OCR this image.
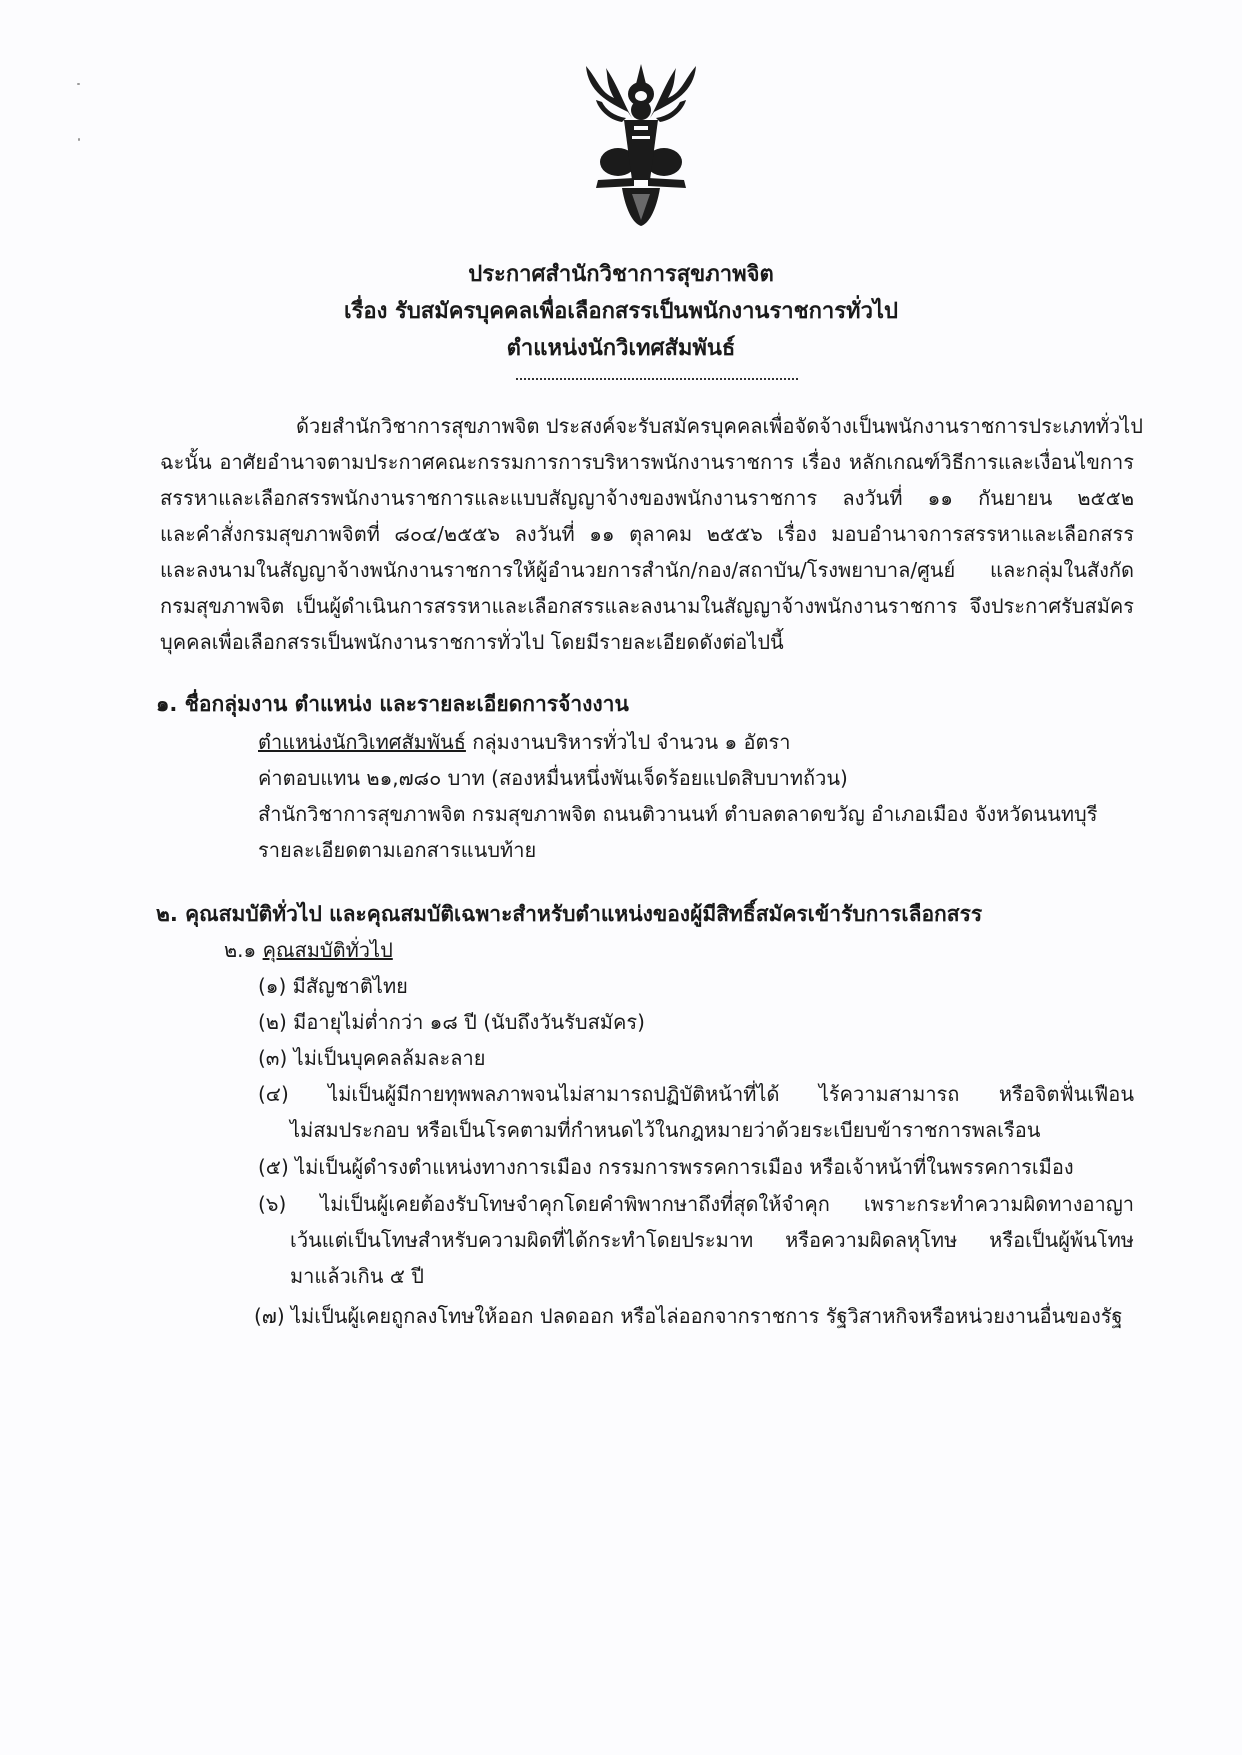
ประกาศสำนักวิชาการสุขภาพจิต
เรื่อง รับสมัครบุคคลเพื่อเลือกสรรเป็นพนักงานราชการทั่วไป
ตำแหน่งนักวิเทศสัมพันธ์
ด้วยสำนักวิชาการสุขภาพจิต ประสงค์จะรับสมัครบุคคลเพื่อจัดจ้างเป็นพนักงานราชการประเภททั่วไป
ฉะนั้น อาศัยอำนาจตามประกาศคณะกรรมการการบริหารพนักงานราชการ เรื่อง หลักเกณฑ์วิธีการและเงื่อนไขการ
สรรหาและเลือกสรรพนักงานราชการและแบบสัญญาจ้างของพนักงานราชการ ลงวันที่ ๑๑ กันยายน ๒๕๕๒
และคำสั่งกรมสุขภาพจิตที่ ๘๐๔/๒๕๕๖ ลงวันที่ ๑๑ ตุลาคม ๒๕๕๖ เรื่อง มอบอำนาจการสรรหาและเลือกสรร
และลงนามในสัญญาจ้างพนักงานราชการให้ผู้อำนวยการสำนัก/กอง/สถาบัน/โรงพยาบาล/ศูนย์ และกลุ่มในสังกัด
กรมสุขภาพจิต เป็นผู้ดำเนินการสรรหาและเลือกสรรและลงนามในสัญญาจ้างพนักงานราชการ จึงประกาศรับสมัคร
บุคคลเพื่อเลือกสรรเป็นพนักงานราชการทั่วไป โดยมีรายละเอียดดังต่อไปนี้
๑. ชื่อกลุ่มงาน ตำแหน่ง และรายละเอียดการจ้างงาน
ตำแหน่งนักวิเทศสัมพันธ์ กลุ่มงานบริหารทั่วไป จำนวน ๑ อัตรา
ค่าตอบแทน ๒๑,๗๘๐ บาท (สองหมื่นหนึ่งพันเจ็ดร้อยแปดสิบบาทถ้วน)
สำนักวิชาการสุขภาพจิต กรมสุขภาพจิต ถนนติวานนท์ ตำบลตลาดขวัญ อำเภอเมือง จังหวัดนนทบุรี
รายละเอียดตามเอกสารแนบท้าย
๒. คุณสมบัติทั่วไป และคุณสมบัติเฉพาะสำหรับตำแหน่งของผู้มีสิทธิ์สมัครเข้ารับการเลือกสรร
๒.๑ คุณสมบัติทั่วไป
(๑) มีสัญชาติไทย
(๒) มีอายุไม่ต่ำกว่า ๑๘ ปี (นับถึงวันรับสมัคร)
(๓) ไม่เป็นบุคคลล้มละลาย
(๔) ไม่เป็นผู้มีกายทุพพลภาพจนไม่สามารถปฏิบัติหน้าที่ได้ ไร้ความสามารถ หรือจิตฟั่นเฟือน
ไม่สมประกอบ หรือเป็นโรคตามที่กำหนดไว้ในกฎหมายว่าด้วยระเบียบข้าราชการพลเรือน
(๕) ไม่เป็นผู้ดำรงตำแหน่งทางการเมือง กรรมการพรรคการเมือง หรือเจ้าหน้าที่ในพรรคการเมือง
(๖) ไม่เป็นผู้เคยต้องรับโทษจำคุกโดยคำพิพากษาถึงที่สุดให้จำคุก เพราะกระทำความผิดทางอาญา
เว้นแต่เป็นโทษสำหรับความผิดที่ได้กระทำโดยประมาท หรือความผิดลหุโทษ หรือเป็นผู้พ้นโทษ
มาแล้วเกิน ๕ ปี
(๗) ไม่เป็นผู้เคยถูกลงโทษให้ออก ปลดออก หรือไล่ออกจากราชการ รัฐวิสาหกิจหรือหน่วยงานอื่นของรัฐ
